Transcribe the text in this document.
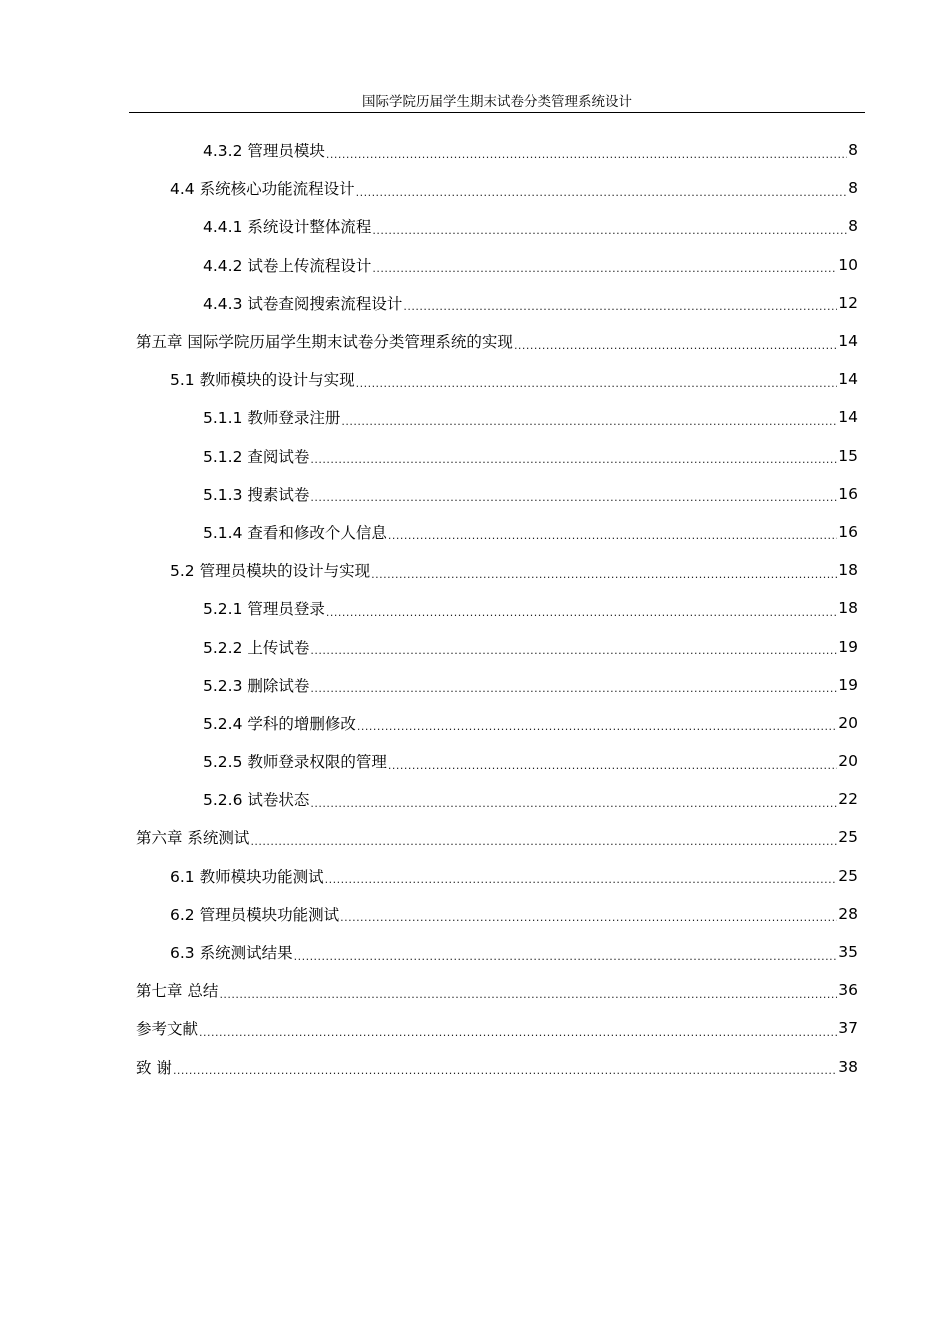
国际学院历届学生期末试卷分类管理系统设计
4.3.2 管理员模块 .....	8
4.4 系统核心功能流程设计 .....	8
4.4.1 系统设计整体流程 .....	8
4.4.2 试卷上传流程设计 .....	10
4.4.3 试卷查阅搜索流程设计 .....	12
第五章 国际学院历届学生期末试卷分类管理系统的实现 .....	14
5.1 教师模块的设计与实现 .....	14
5.1.1 教师登录注册 .....	14
5.1.2 查阅试卷 .....	15
5.1.3 搜素试卷 .....	16
5.1.4 查看和修改个人信息 .....	16
5.2 管理员模块的设计与实现 .....	18
5.2.1 管理员登录 .....	18
5.2.2 上传试卷 .....	19
5.2.3 删除试卷 .....	19
5.2.4 学科的增删修改 .....	20
5.2.5 教师登录权限的管理 .....	20
5.2.6 试卷状态 .....	22
第六章 系统测试 .....	25
6.1 教师模块功能测试 .....	25
6.2 管理员模块功能测试 .....	28
6.3 系统测试结果 .....	35
第七章 总结 .....	36
参考文献 .....	37
致 谢 .....	38
